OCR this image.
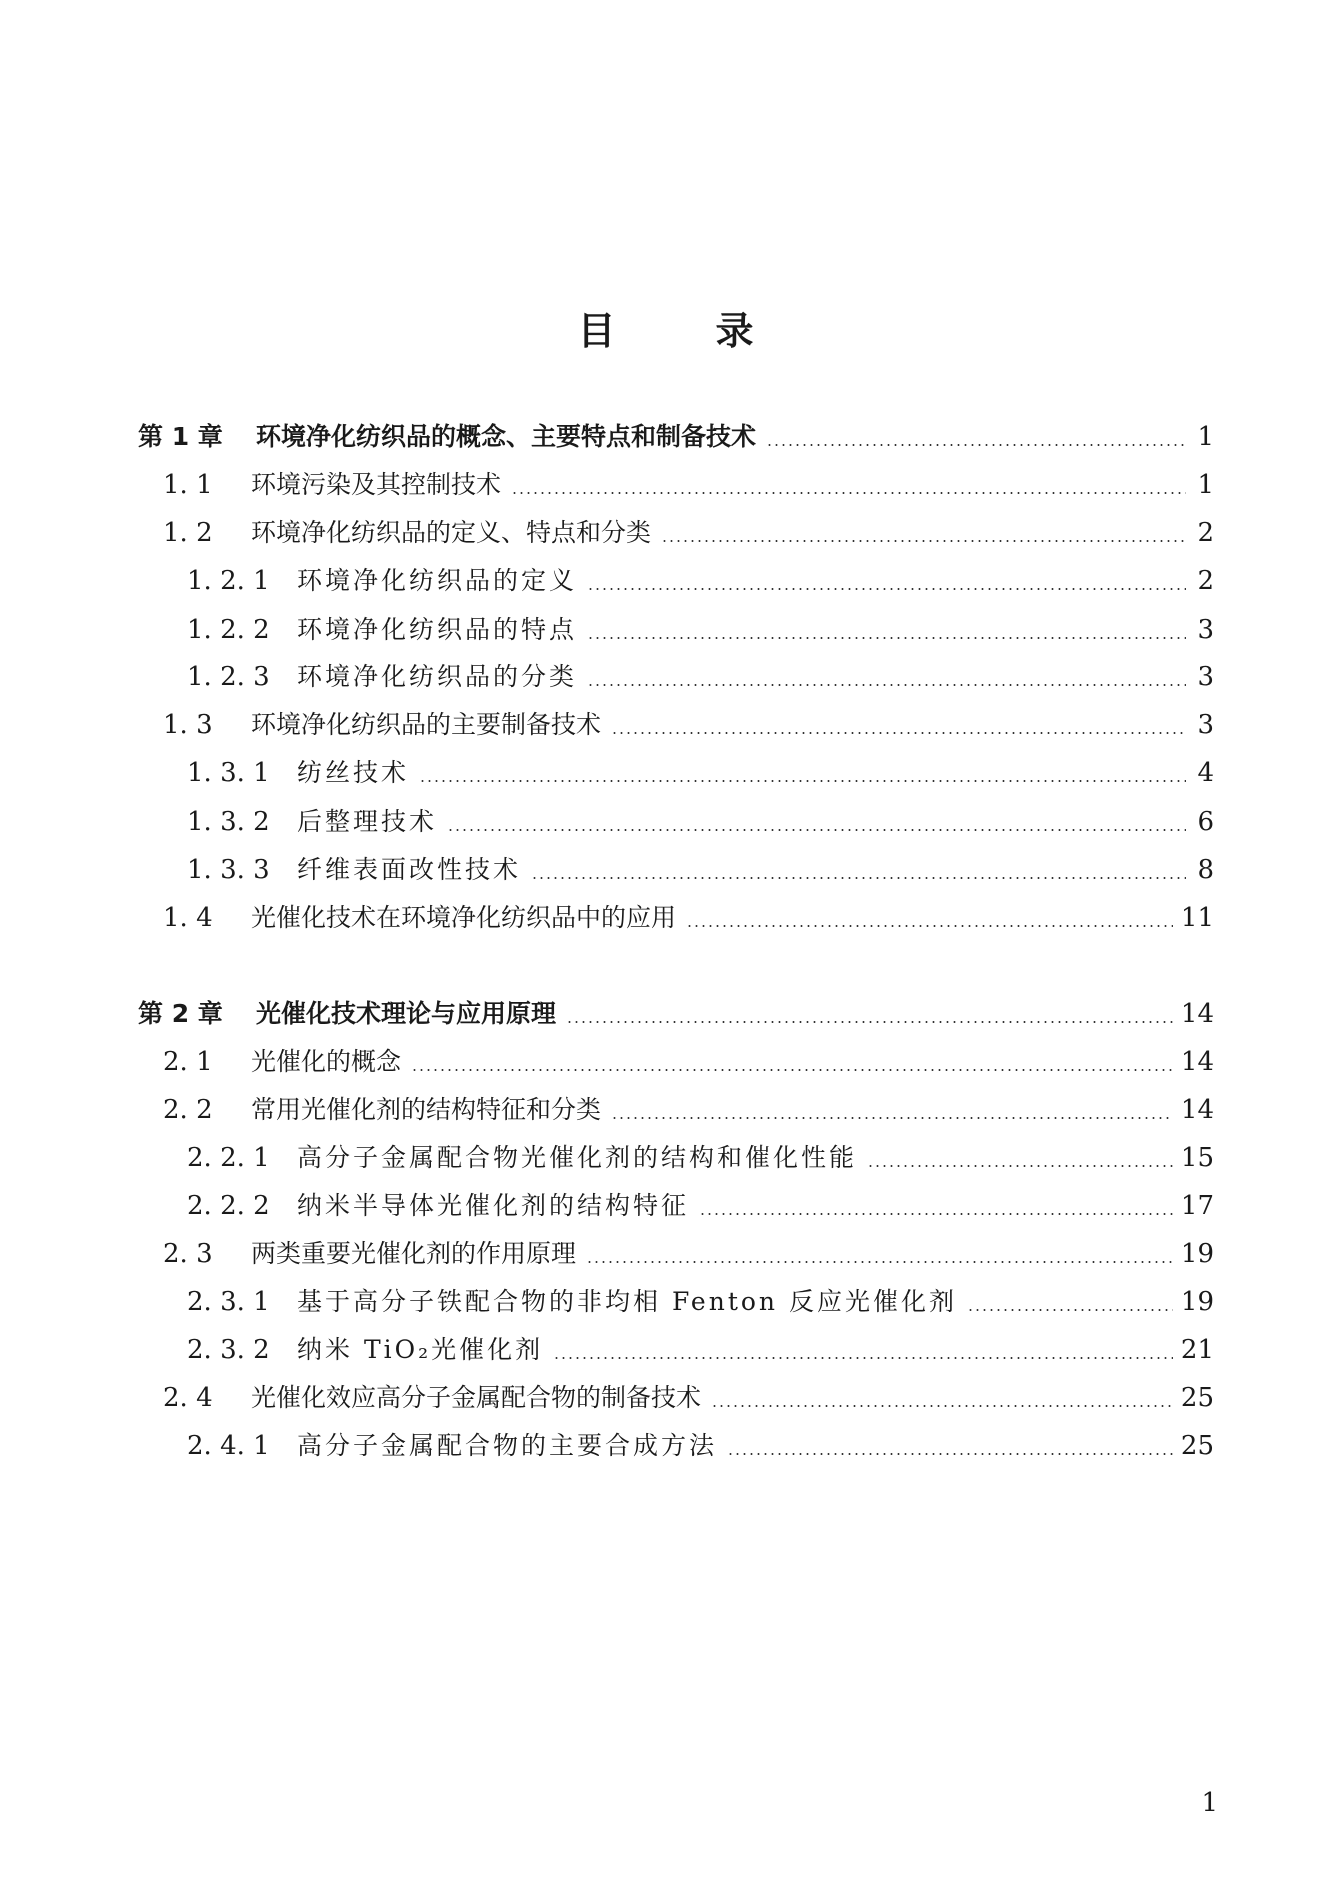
目	录
第 1 章	环境净化纺织品的概念、主要特点和制备技术	1
1. 1	环境污染及其控制技术	1
1. 2	环境净化纺织品的定义、特点和分类	2
1. 2. 1	环境净化纺织品的定义	2
1. 2. 2	环境净化纺织品的特点	3
1. 2. 3	环境净化纺织品的分类	3
1. 3	环境净化纺织品的主要制备技术	3
1. 3. 1	纺丝技术	4
1. 3. 2	后整理技术	6
1. 3. 3	纤维表面改性技术	8
1. 4	光催化技术在环境净化纺织品中的应用	11
第 2 章	光催化技术理论与应用原理	14
2. 1	光催化的概念	14
2. 2	常用光催化剂的结构特征和分类	14
2. 2. 1	高分子金属配合物光催化剂的结构和催化性能	15
2. 2. 2	纳米半导体光催化剂的结构特征	17
2. 3	两类重要光催化剂的作用原理	19
2. 3. 1	基于高分子铁配合物的非均相 Fenton 反应光催化剂	19
2. 3. 2	纳米 TiO₂光催化剂	21
2. 4	光催化效应高分子金属配合物的制备技术	25
2. 4. 1	高分子金属配合物的主要合成方法	25
1
